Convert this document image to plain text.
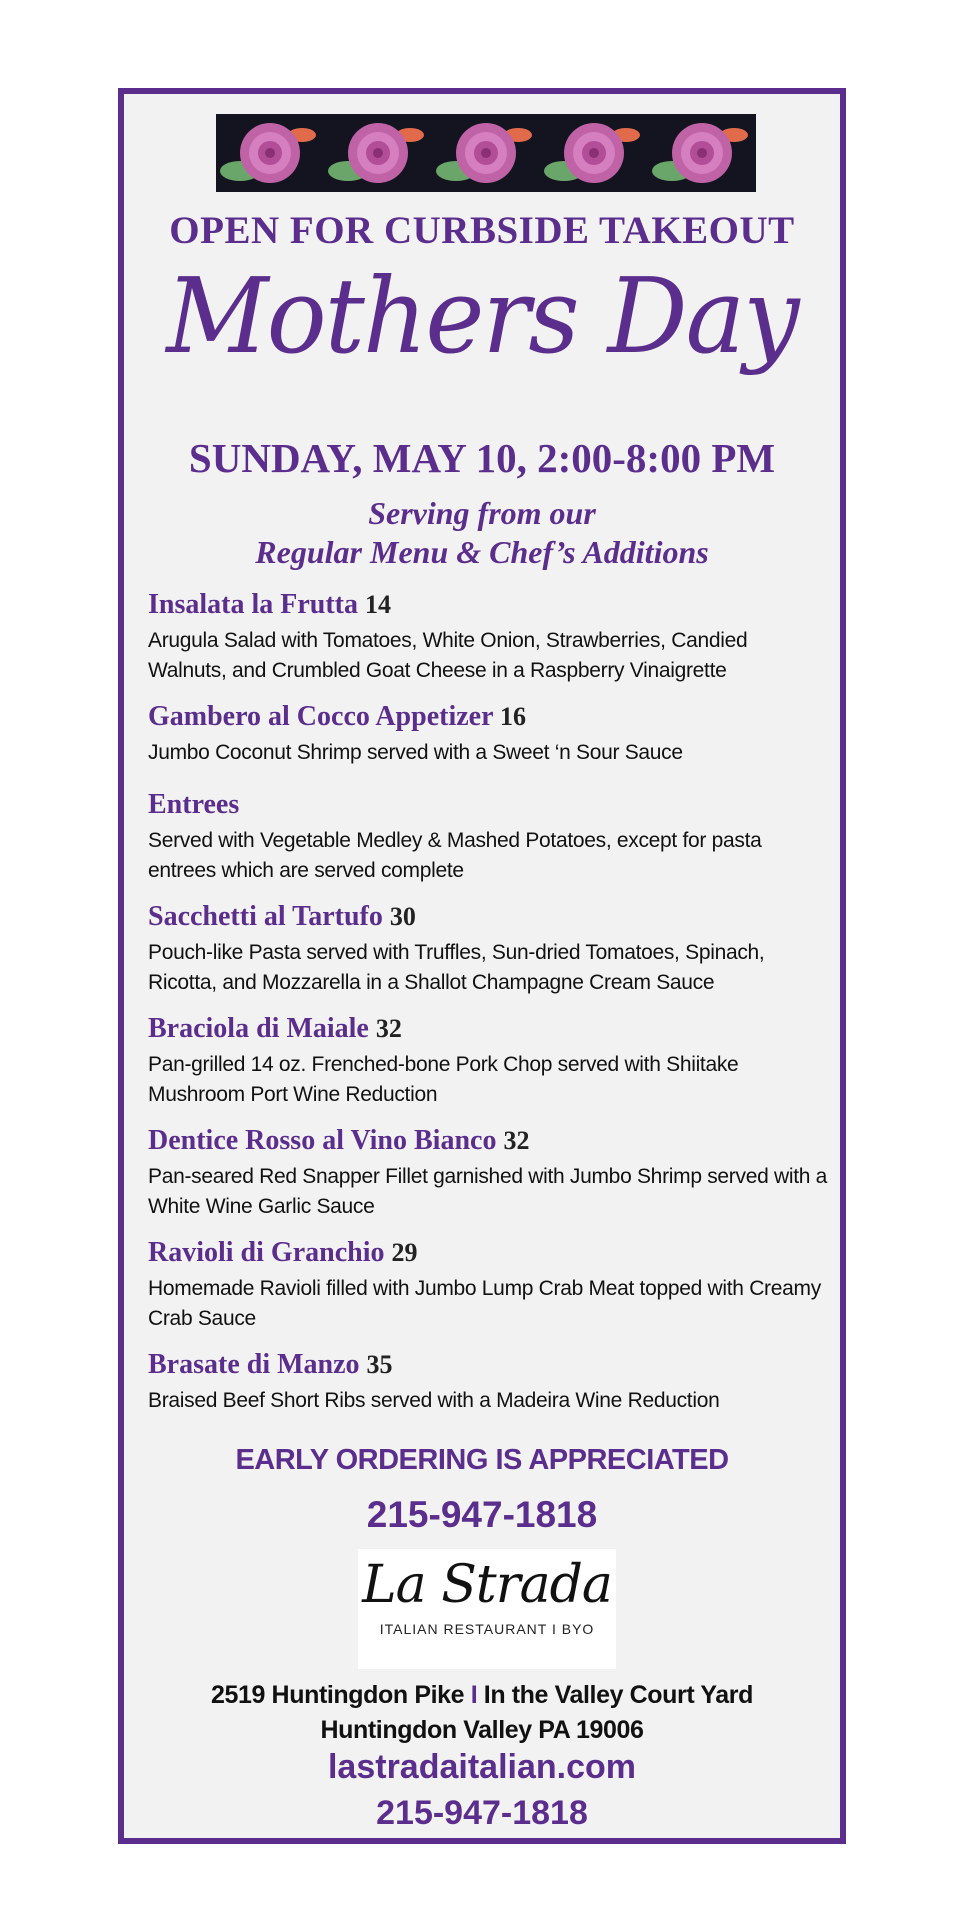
OPEN FOR CURBSIDE TAKEOUT
Mothers Day
SUNDAY, MAY 10, 2:00-8:00 PM
Serving from our
Regular Menu & Chef’s Additions

Insalata la Frutta 14

Arugula Salad with Tomatoes, White Onion, Strawberries, Candied Walnuts, and Crumbled Goat Cheese in a Raspberry Vinaigrette

Gambero al Cocco Appetizer 16

Jumbo Coconut Shrimp served with a Sweet ‘n Sour Sauce

Entrees

Served with Vegetable Medley & Mashed Potatoes, except for pasta entrees which are served complete

Sacchetti al Tartufo 30

Pouch-like Pasta served with Truffles, Sun-dried Tomatoes, Spinach, Ricotta, and Mozzarella in a Shallot Champagne Cream Sauce

Braciola di Maiale 32

Pan-grilled 14 oz. Frenched-bone Pork Chop served with Shiitake Mushroom Port Wine Reduction

Dentice Rosso al Vino Bianco 32

Pan-seared Red Snapper Fillet garnished with Jumbo Shrimp served with a White Wine Garlic Sauce

Ravioli di Granchio 29

Homemade Ravioli filled with Jumbo Lump Crab Meat topped with Creamy Crab Sauce

Brasate di Manzo 35

Braised Beef Short Ribs served with a Madeira Wine Reduction

EARLY ORDERING IS APPRECIATED
215-947-1818
La Strada
ITALIAN RESTAURANT I BYO
2519 Huntingdon Pike I In the Valley Court Yard
Huntingdon Valley PA 19006
lastradaitalian.com
215-947-1818
